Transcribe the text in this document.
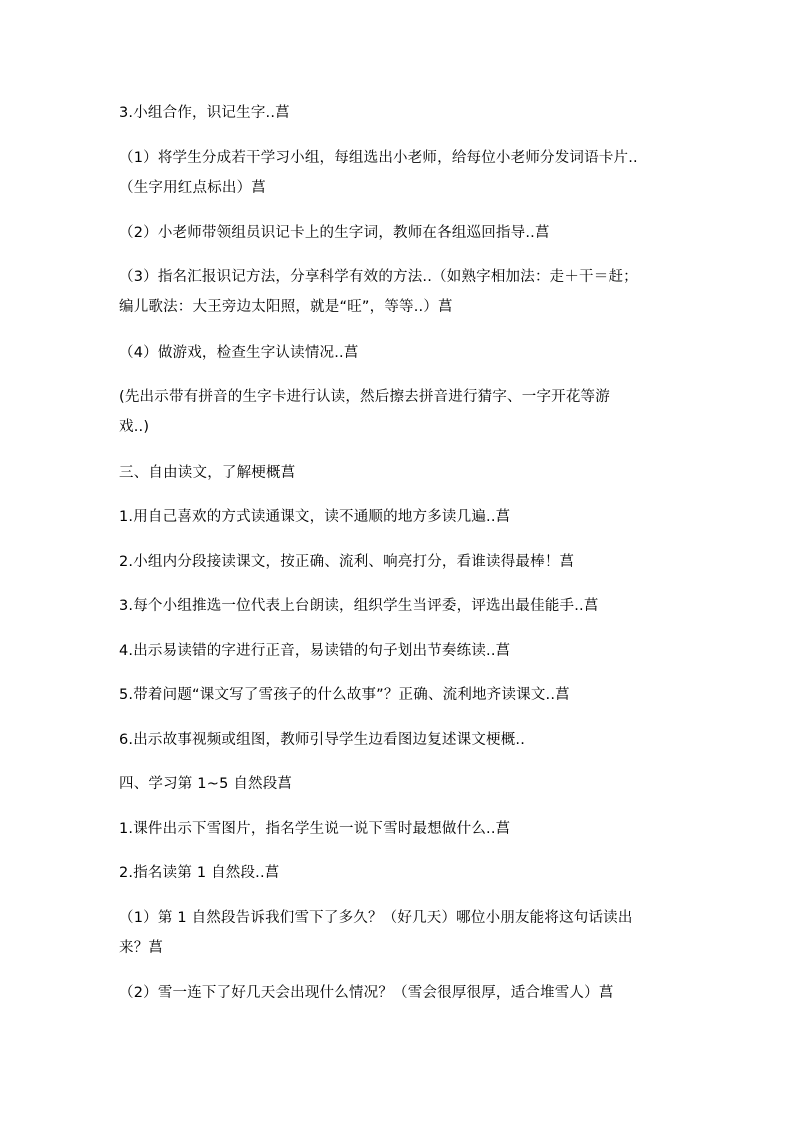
3.小组合作，识记生字..菖
（1）将学生分成若干学习小组，每组选出小老师，给每位小老师分发词语卡片..
（生字用红点标出）菖
（2）小老师带领组员识记卡上的生字词，教师在各组巡回指导..菖
（3）指名汇报识记方法，分享科学有效的方法..（如熟字相加法：走＋干＝赶；
编儿歌法：大王旁边太阳照，就是“旺”，等等..）菖
（4）做游戏，检查生字认读情况..菖
(先出示带有拼音的生字卡进行认读，然后擦去拼音进行猜字、一字开花等游
戏..)
三、自由读文，了解梗概菖
1.用自己喜欢的方式读通课文，读不通顺的地方多读几遍..菖
2.小组内分段接读课文，按正确、流利、响亮打分，看谁读得最棒！菖
3.每个小组推选一位代表上台朗读，组织学生当评委，评选出最佳能手..菖
4.出示易读错的字进行正音，易读错的句子划出节奏练读..菖
5.带着问题“课文写了雪孩子的什么故事”？正确、流利地齐读课文..菖
6.出示故事视频或组图，教师引导学生边看图边复述课文梗概..
四、学习第 1~5 自然段菖
1.课件出示下雪图片，指名学生说一说下雪时最想做什么..菖
2.指名读第 1 自然段..菖
（1）第 1 自然段告诉我们雪下了多久？（好几天）哪位小朋友能将这句话读出
来？菖
（2）雪一连下了好几天会出现什么情况？（雪会很厚很厚，适合堆雪人）菖
